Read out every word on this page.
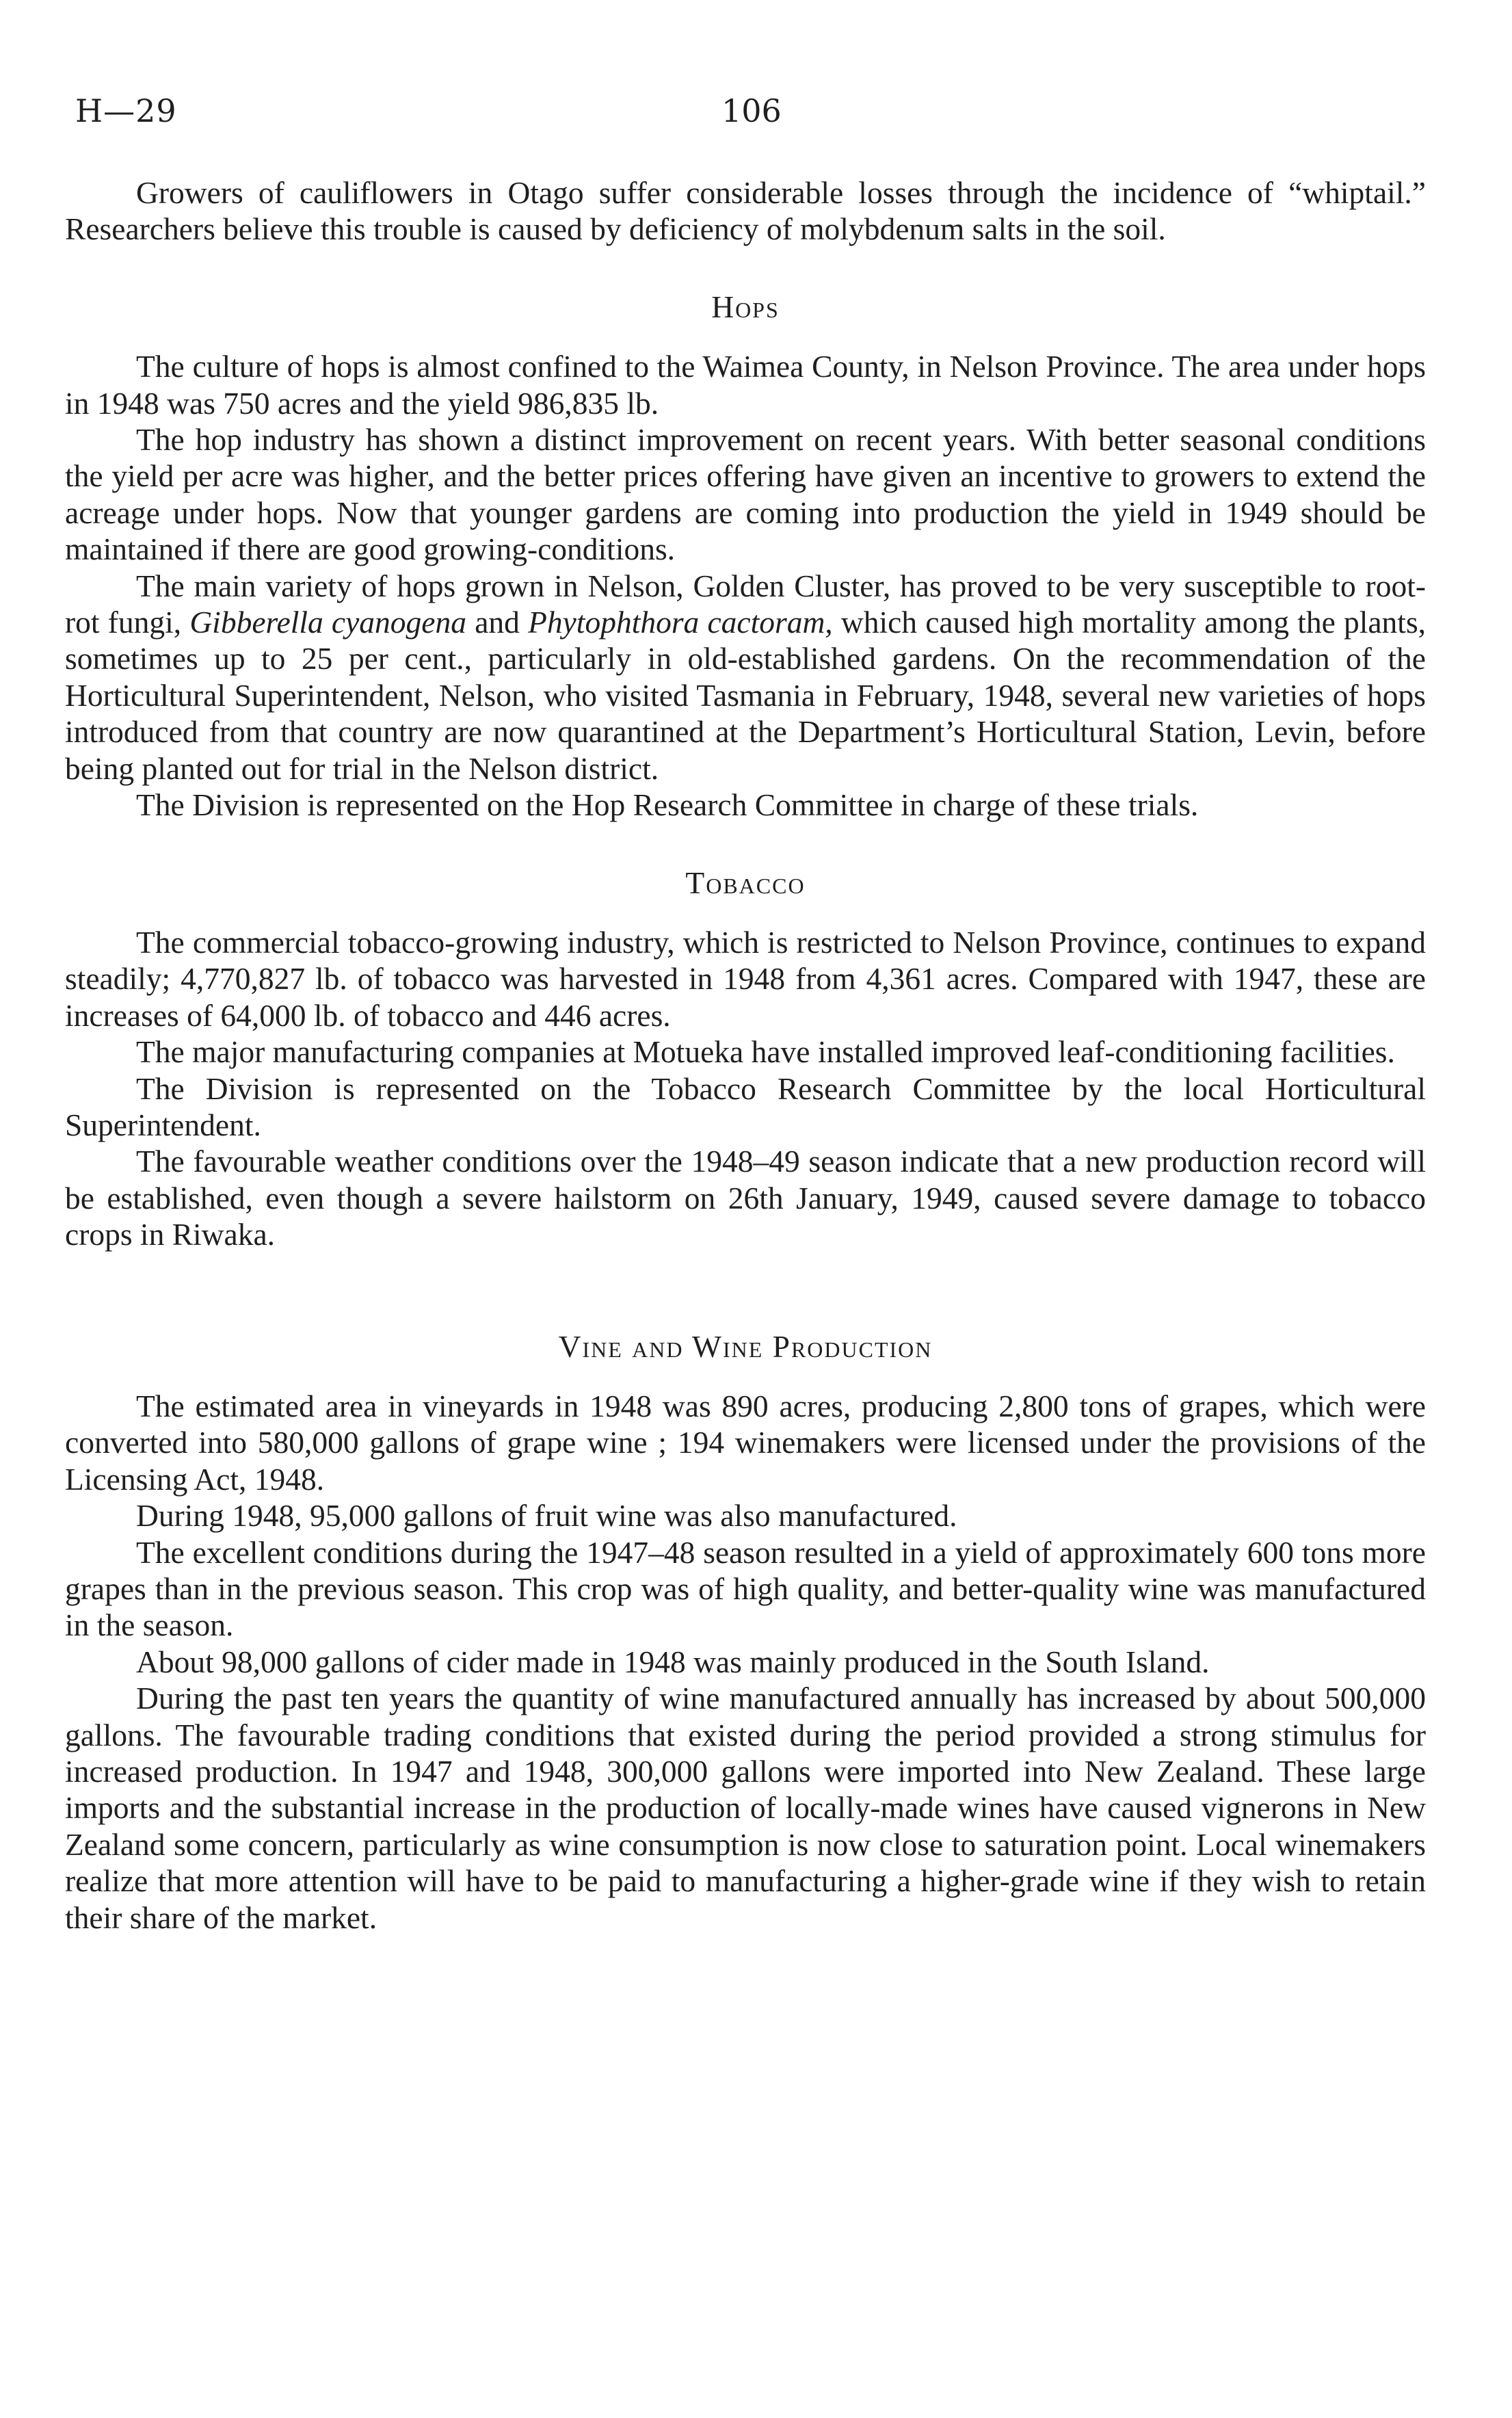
H—29	106

Growers of cauliflowers in Otago suffer considerable losses through the incidence of “whiptail.” Researchers believe this trouble is caused by deficiency of molybdenum salts in the soil.

Hops

The culture of hops is almost confined to the Waimea County, in Nelson Province. The area under hops in 1948 was 750 acres and the yield 986,835 lb.

The hop industry has shown a distinct improvement on recent years. With better seasonal conditions the yield per acre was higher, and the better prices offering have given an incentive to growers to extend the acreage under hops. Now that younger gardens are coming into production the yield in 1949 should be maintained if there are good growing-conditions.

The main variety of hops grown in Nelson, Golden Cluster, has proved to be very susceptible to root-rot fungi, Gibberella cyanogena and Phytophthora cactoram, which caused high mortality among the plants, sometimes up to 25 per cent., particularly in old-established gardens. On the recommendation of the Horticultural Superintendent, Nelson, who visited Tasmania in February, 1948, several new varieties of hops introduced from that country are now quarantined at the Department’s Horticultural Station, Levin, before being planted out for trial in the Nelson district.

The Division is represented on the Hop Research Committee in charge of these trials.

Tobacco

The commercial tobacco-growing industry, which is restricted to Nelson Province, continues to expand steadily; 4,770,827 lb. of tobacco was harvested in 1948 from 4,361 acres. Compared with 1947, these are increases of 64,000 lb. of tobacco and 446 acres.

The major manufacturing companies at Motueka have installed improved leaf-conditioning facilities.

The Division is represented on the Tobacco Research Committee by the local Horticultural Superintendent.

The favourable weather conditions over the 1948–49 season indicate that a new production record will be established, even though a severe hailstorm on 26th January, 1949, caused severe damage to tobacco crops in Riwaka.

Vine and Wine Production

The estimated area in vineyards in 1948 was 890 acres, producing 2,800 tons of grapes, which were converted into 580,000 gallons of grape wine ; 194 winemakers were licensed under the provisions of the Licensing Act, 1948.

During 1948, 95,000 gallons of fruit wine was also manufactured.

The excellent conditions during the 1947–48 season resulted in a yield of approximately 600 tons more grapes than in the previous season. This crop was of high quality, and better-quality wine was manufactured in the season.

About 98,000 gallons of cider made in 1948 was mainly produced in the South Island.

During the past ten years the quantity of wine manufactured annually has increased by about 500,000 gallons. The favourable trading conditions that existed during the period provided a strong stimulus for increased production. In 1947 and 1948, 300,000 gallons were imported into New Zealand. These large imports and the substantial increase in the production of locally-made wines have caused vignerons in New Zealand some concern, particularly as wine consumption is now close to saturation point. Local winemakers realize that more attention will have to be paid to manufacturing a higher-grade wine if they wish to retain their share of the market.
